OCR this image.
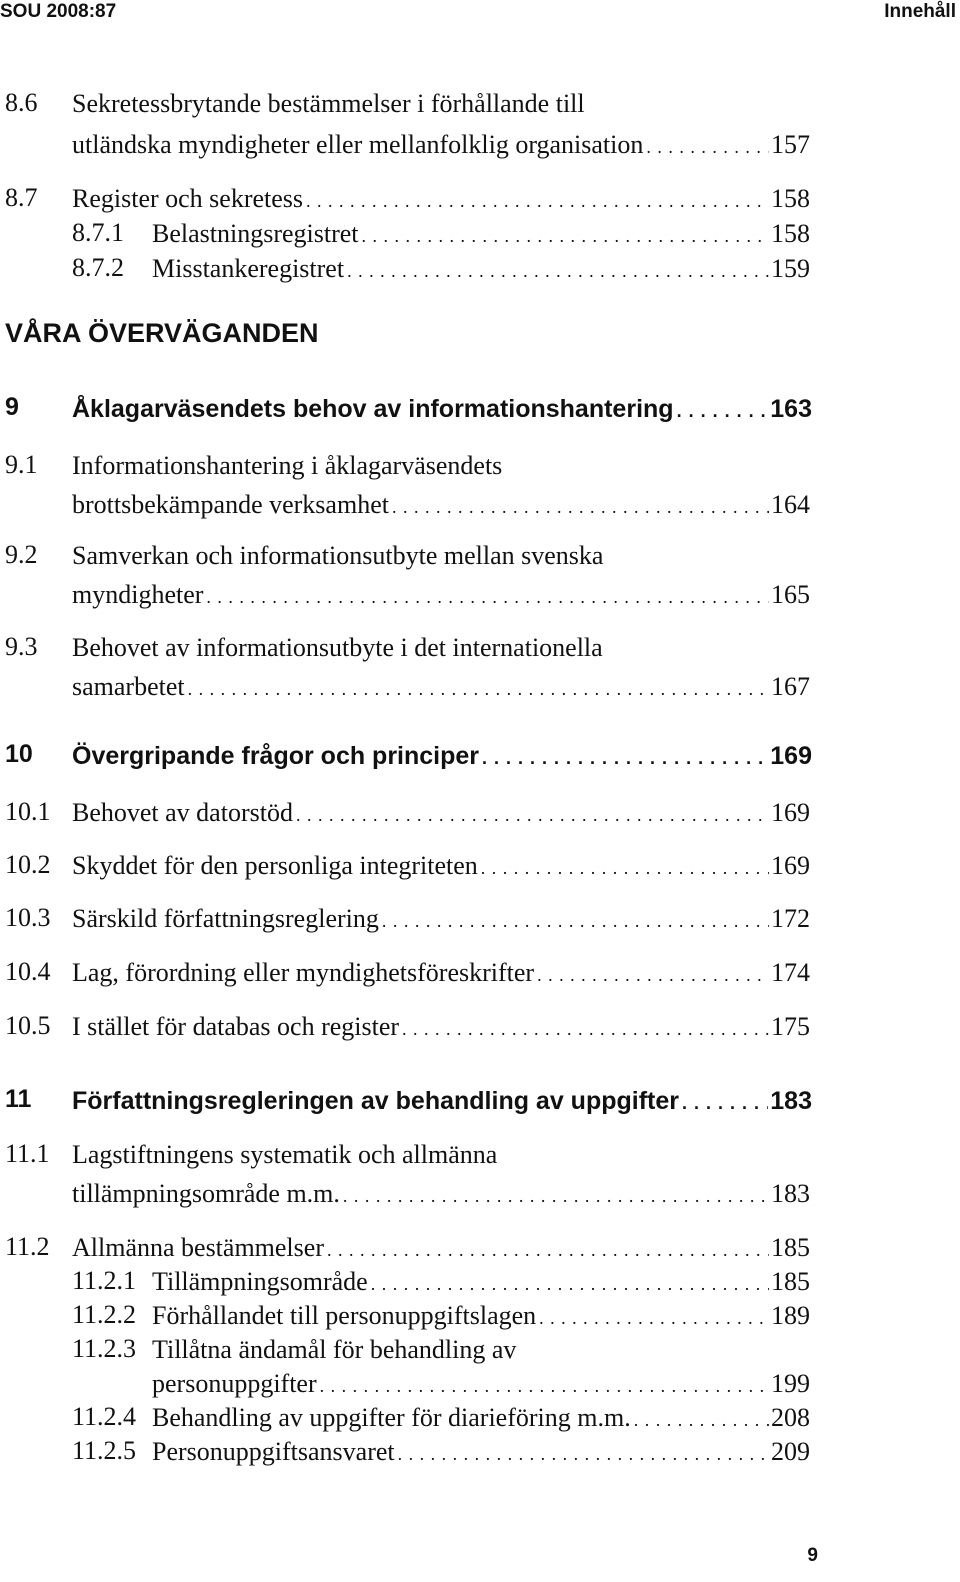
SOU 2008:87	Innehåll
8.6 Sekretessbrytande bestämmelser i förhållande till
utländska myndigheter eller mellanfolklig organisation . . .	157
8.7 Register och sekretess . . .	158
8.7.1 Belastningsregistret . . .	158
8.7.2 Misstankeregistret . . .	159
VÅRA ÖVERVÄGANDEN
9 Åklagarväsendets behov av informationshantering . . .	163
9.1 Informationshantering i åklagarväsendets
brottsbekämpande verksamhet . . .	164
9.2 Samverkan och informationsutbyte mellan svenska
myndigheter . . .	165
9.3 Behovet av informationsutbyte i det internationella
samarbetet . . .	167
10 Övergripande frågor och principer . . .	169
10.1 Behovet av datorstöd . . .	169
10.2 Skyddet för den personliga integriteten . . .	169
10.3 Särskild författningsreglering . . .	172
10.4 Lag, förordning eller myndighetsföreskrifter . . .	174
10.5 I stället för databas och register . . .	175
11 Författningsregleringen av behandling av uppgifter . . .	183
11.1 Lagstiftningens systematik och allmänna
tillämpningsområde m.m. . . .	183
11.2 Allmänna bestämmelser . . .	185
11.2.1 Tillämpningsområde . . .	185
11.2.2 Förhållandet till personuppgiftslagen . . .	189
11.2.3 Tillåtna ändamål för behandling av
personuppgifter . . .	199
11.2.4 Behandling av uppgifter för diarieföring m.m. . . .	208
11.2.5 Personuppgiftsansvaret . . .	209
9
